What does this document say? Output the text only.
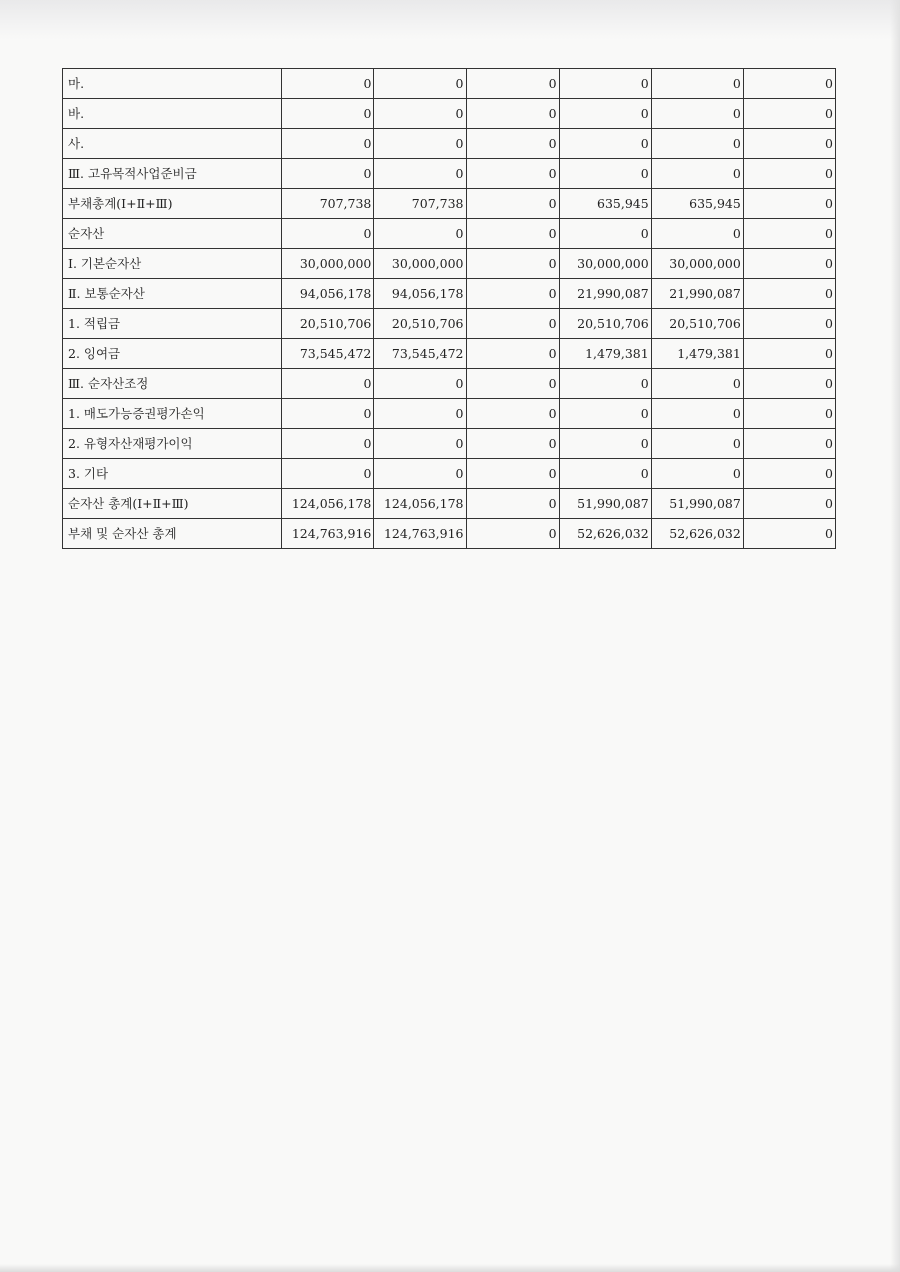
마.	0	0	0	0	0	0
바.	0	0	0	0	0	0
사.	0	0	0	0	0	0
Ⅲ. 고유목적사업준비금	0	0	0	0	0	0
부채총계(Ⅰ+Ⅱ+Ⅲ)	707,738	707,738	0	635,945	635,945	0
순자산	0	0	0	0	0	0
Ⅰ. 기본순자산	30,000,000	30,000,000	0	30,000,000	30,000,000	0
Ⅱ. 보통순자산	94,056,178	94,056,178	0	21,990,087	21,990,087	0
1. 적립금	20,510,706	20,510,706	0	20,510,706	20,510,706	0
2. 잉여금	73,545,472	73,545,472	0	1,479,381	1,479,381	0
Ⅲ. 순자산조정	0	0	0	0	0	0
1. 매도가능증권평가손익	0	0	0	0	0	0
2. 유형자산재평가이익	0	0	0	0	0	0
3. 기타	0	0	0	0	0	0
순자산 총계(Ⅰ+Ⅱ+Ⅲ)	124,056,178	124,056,178	0	51,990,087	51,990,087	0
부채 및 순자산 총계	124,763,916	124,763,916	0	52,626,032	52,626,032	0
